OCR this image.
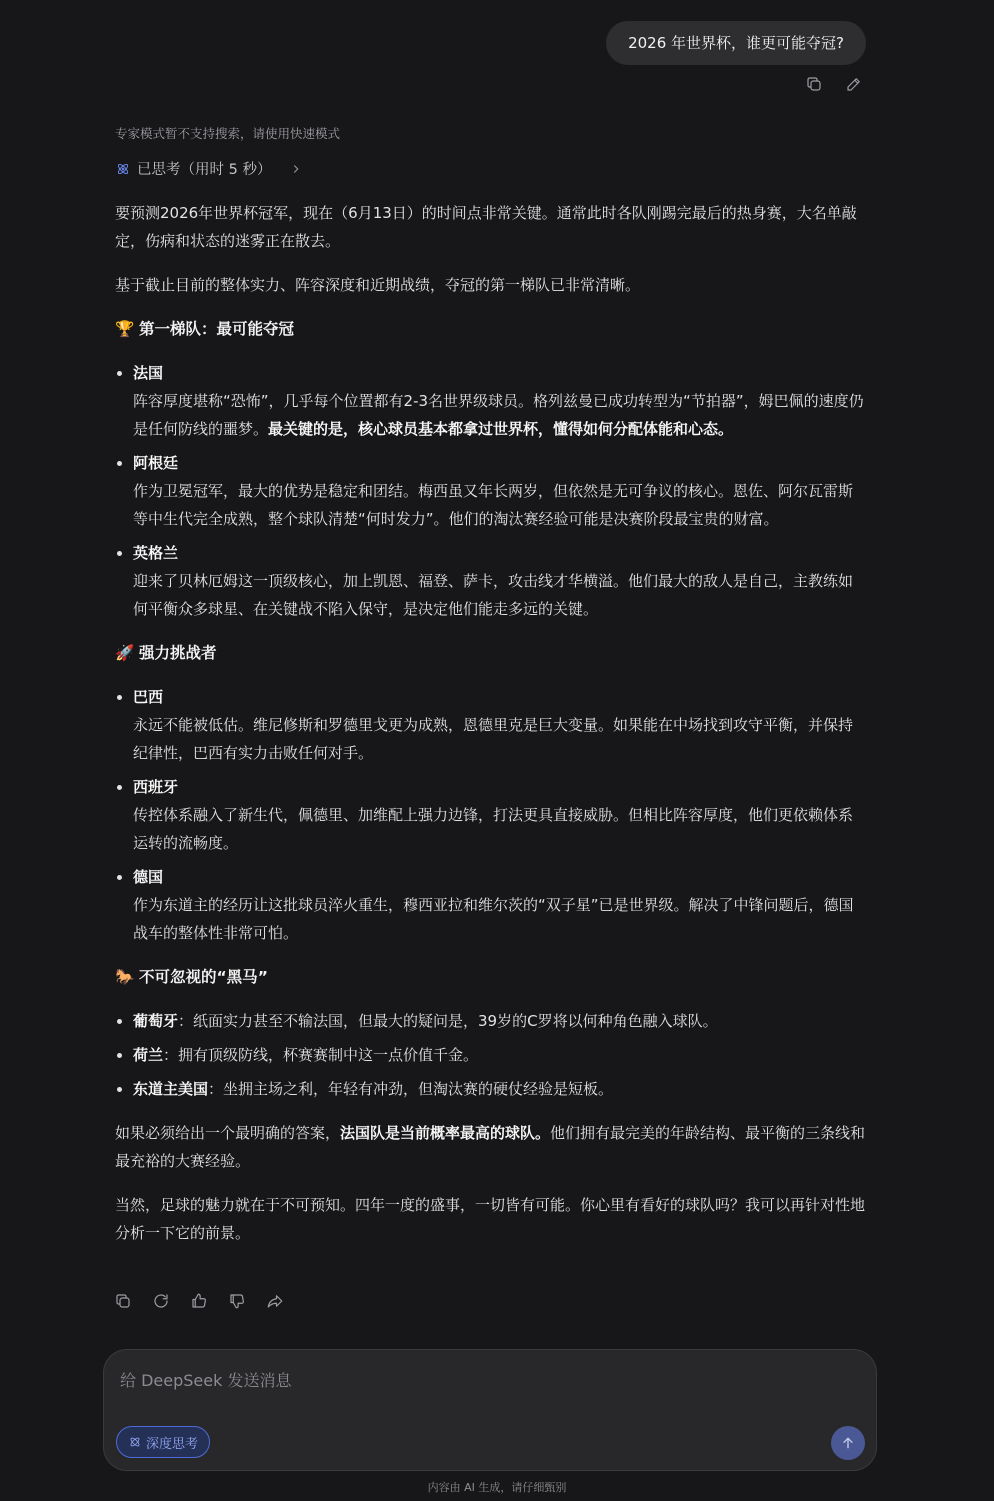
2026 年世界杯，谁更可能夺冠?
专家模式暂不支持搜索，请使用快速模式
已思考（用时 5 秒）

要预测2026年世界杯冠军，现在（6月13日）的时间点非常关键。通常此时各队刚踢完最后的热身赛，大名单敲定，伤病和状态的迷雾正在散去。

基于截止目前的整体实力、阵容深度和近期战绩，夺冠的第一梯队已非常清晰。

🏆 第一梯队：最可能夺冠
• 法国
阵容厚度堪称“恐怖”，几乎每个位置都有2-3名世界级球员。格列兹曼已成功转型为“节拍器”，姆巴佩的速度仍是任何防线的噩梦。最关键的是，核心球员基本都拿过世界杯，懂得如何分配体能和心态。
• 阿根廷
作为卫冕冠军，最大的优势是稳定和团结。梅西虽又年长两岁，但依然是无可争议的核心。恩佐、阿尔瓦雷斯等中生代完全成熟，整个球队清楚“何时发力”。他们的淘汰赛经验可能是决赛阶段最宝贵的财富。
• 英格兰
迎来了贝林厄姆这一顶级核心，加上凯恩、福登、萨卡，攻击线才华横溢。他们最大的敌人是自己，主教练如何平衡众多球星、在关键战不陷入保守，是决定他们能走多远的关键。
🚀 强力挑战者
• 巴西
永远不能被低估。维尼修斯和罗德里戈更为成熟，恩德里克是巨大变量。如果能在中场找到攻守平衡，并保持纪律性，巴西有实力击败任何对手。
• 西班牙
传控体系融入了新生代，佩德里、加维配上强力边锋，打法更具直接威胁。但相比阵容厚度，他们更依赖体系运转的流畅度。
• 德国
作为东道主的经历让这批球员淬火重生，穆西亚拉和维尔茨的“双子星”已是世界级。解决了中锋问题后，德国战车的整体性非常可怕。
🐎 不可忽视的“黑马”
• 葡萄牙：纸面实力甚至不输法国，但最大的疑问是，39岁的C罗将以何种角色融入球队。
• 荷兰：拥有顶级防线，杯赛赛制中这一点价值千金。
• 东道主美国：坐拥主场之利，年轻有冲劲，但淘汰赛的硬仗经验是短板。

如果必须给出一个最明确的答案，法国队是当前概率最高的球队。他们拥有最完美的年龄结构、最平衡的三条线和最充裕的大赛经验。

当然，足球的魅力就在于不可预知。四年一度的盛事，一切皆有可能。你心里有看好的球队吗？我可以再针对性地分析一下它的前景。

给 DeepSeek 发送消息
深度思考
内容由 AI 生成，请仔细甄别
